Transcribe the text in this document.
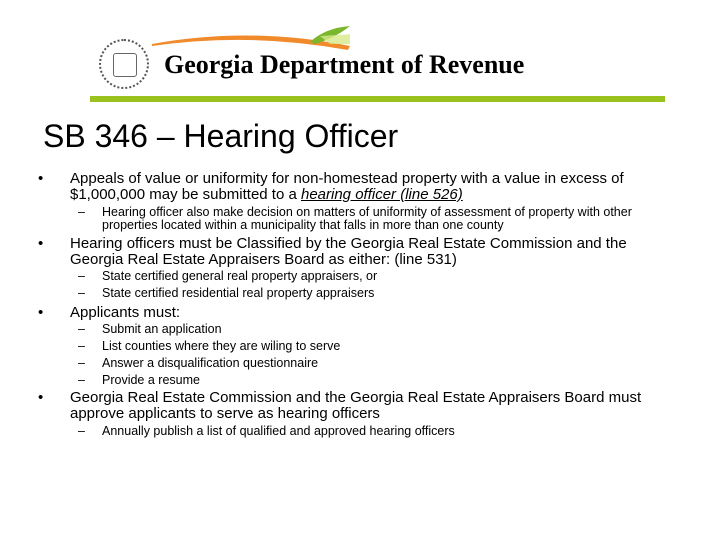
Georgia Department of Revenue
SB 346 – Hearing Officer
• Appeals of value or uniformity for non-homestead property with a value in excess of $1,000,000 may be submitted to a hearing officer (line 526)
– Hearing officer also make decision on matters of uniformity of assessment of property with other properties located within a municipality that falls in more than one county
• Hearing officers must be Classified by the Georgia Real Estate Commission and the Georgia Real Estate Appraisers Board as either: (line 531)
– State certified general real property appraisers, or
– State certified residential real property appraisers
• Applicants must:
– Submit an application
– List counties where they are wiling to serve
– Answer a disqualification questionnaire
– Provide a resume
• Georgia Real Estate Commission and the Georgia Real Estate Appraisers Board must approve applicants to serve as hearing officers
– Annually publish a list of qualified and approved hearing officers
